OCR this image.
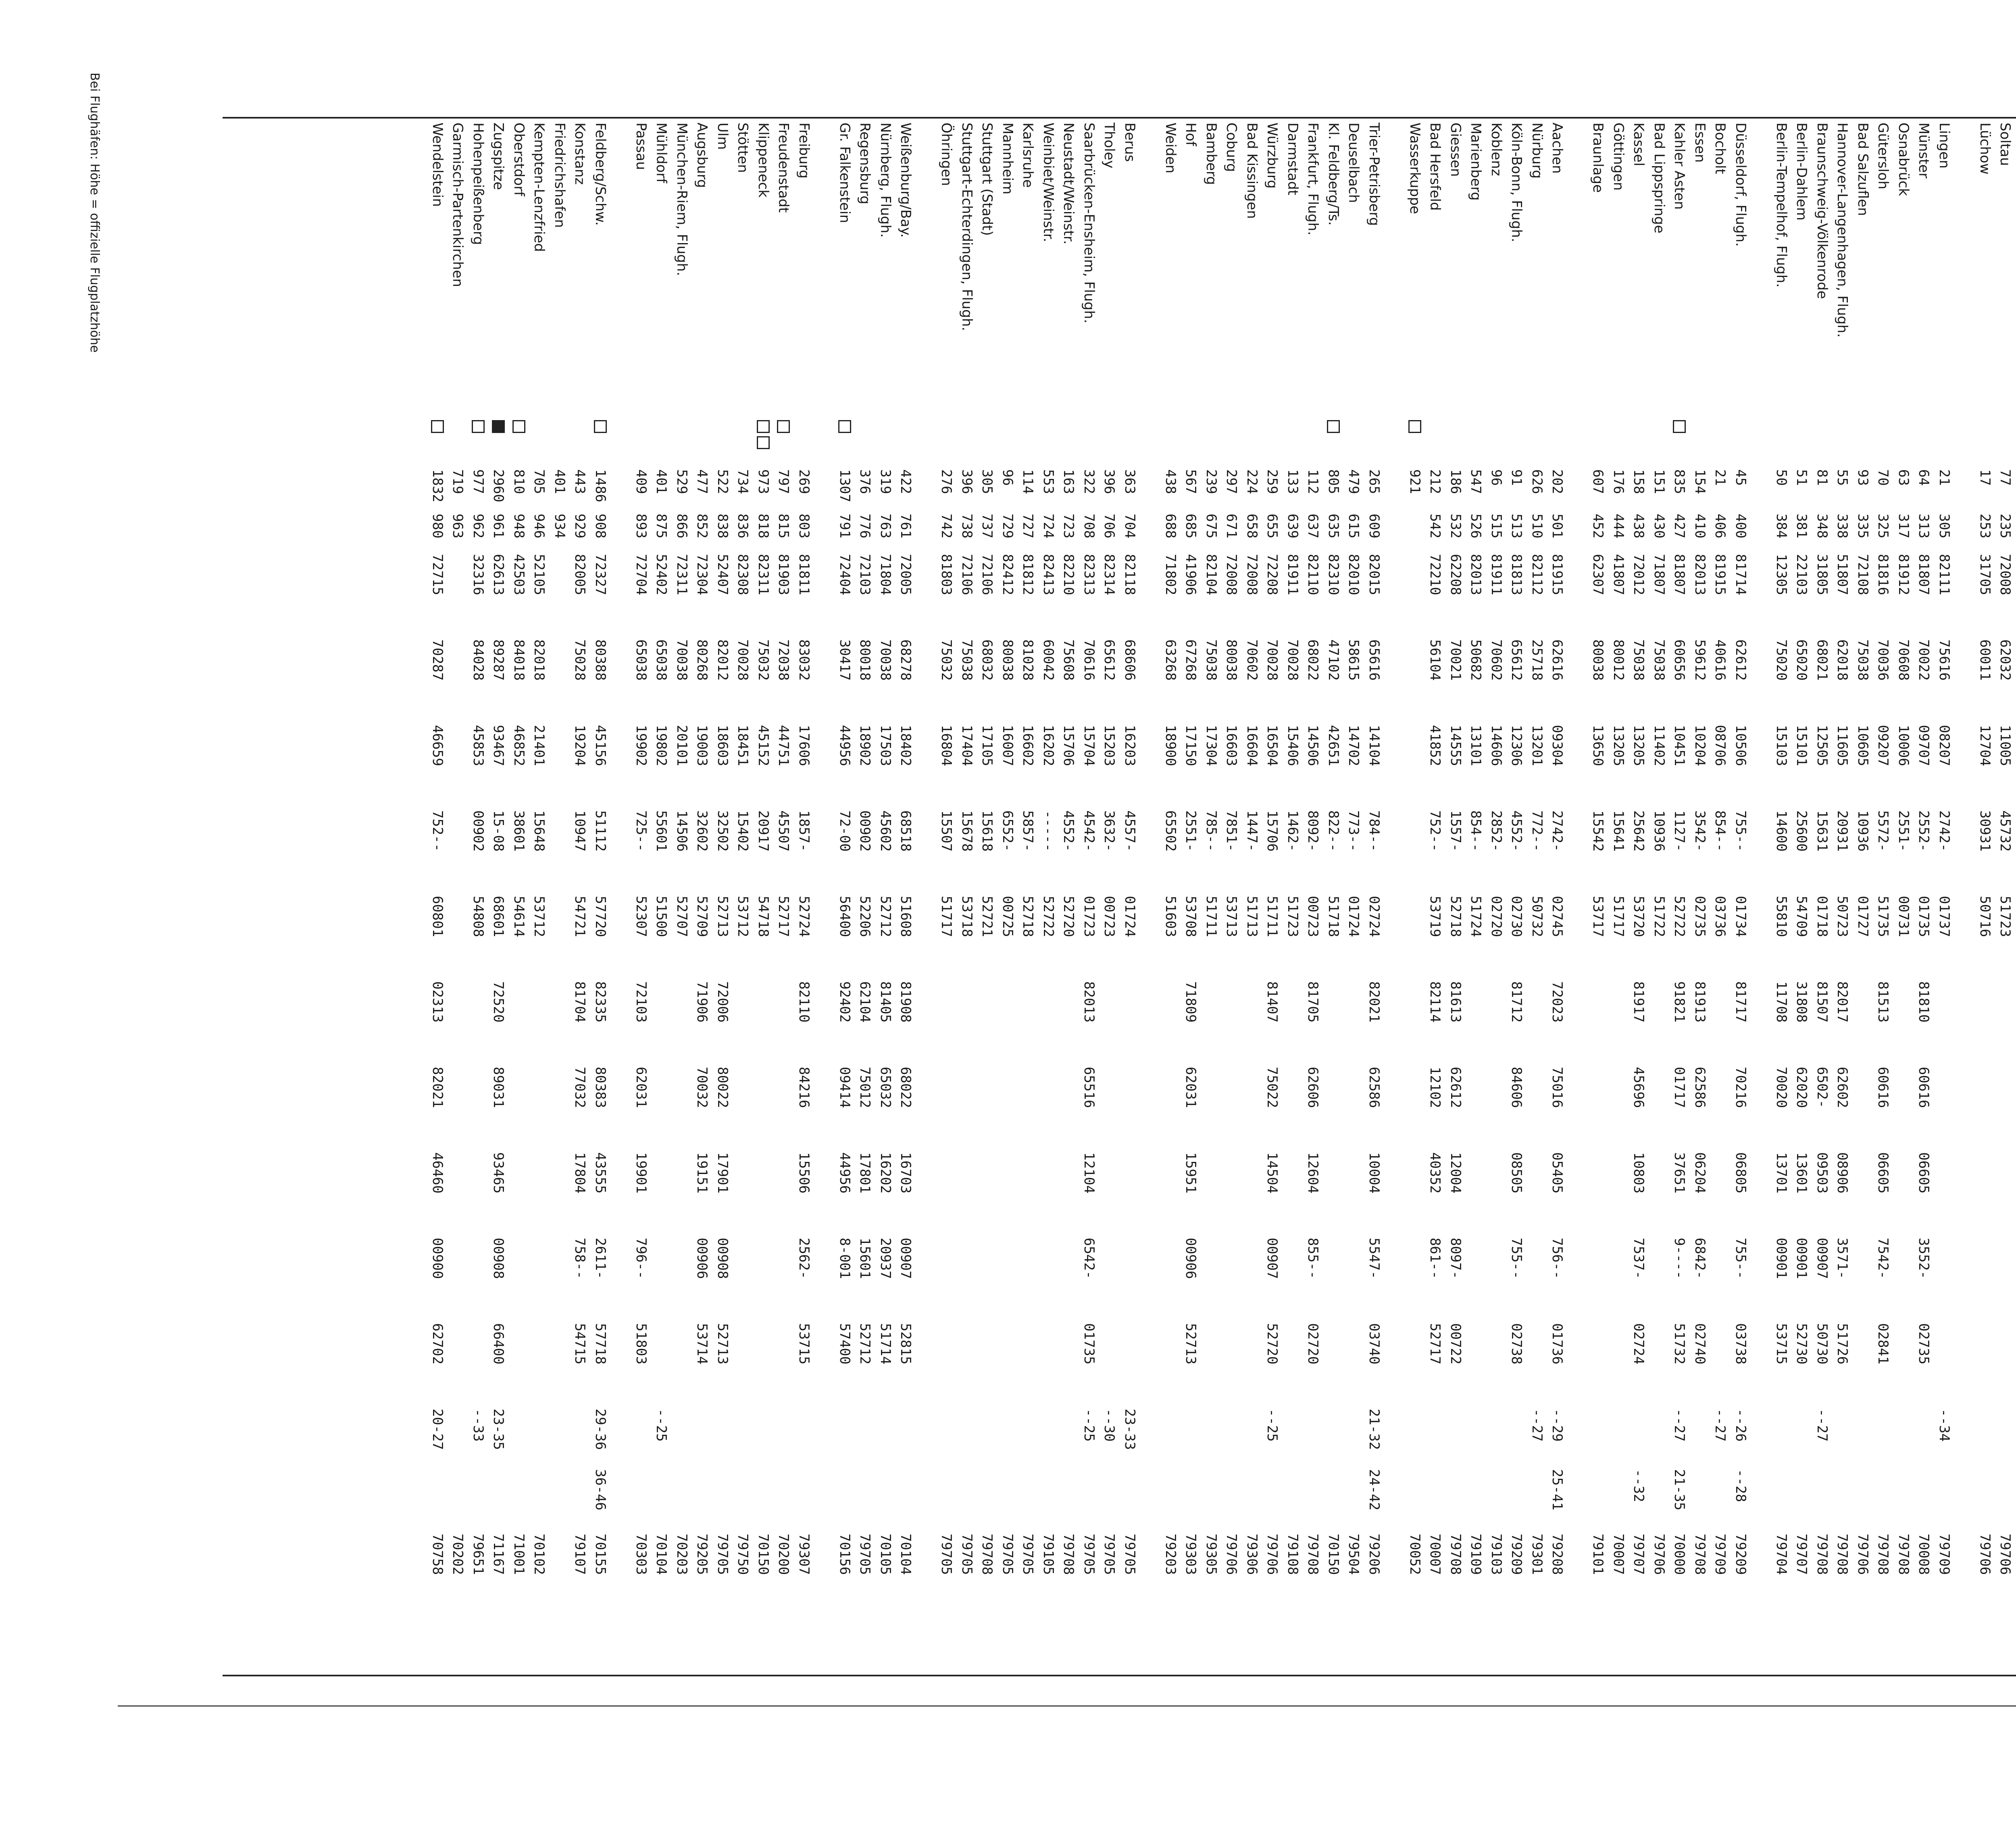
Soltau
77
235
72008
62032
11005
45732
51723
79706
Lüchow
17
253
31705
60011
12704
30931
50716
79706
Lingen
21
305
82111
75616
08207
2742-
01737
--34
79709
Münster
64
313
81807
70022
09707
2552-
01735
81810
60616
06605
3552-
02735
70008
Osnabrück
63
317
81912
70608
10006
2551-
00731
79708
Gütersloh
70
325
81816
70036
09207
5572-
51735
81513
60616
06605
7542-
02841
79708
Bad Salzuflen
93
335
72108
75038
10605
10936
01727
79706
Hannover-Langenhagen, Flugh.
55
338
51807
62018
11605
20931
50723
82017
62602
08906
3571-
51726
79708
Braunschweig-Völkenrode
81
348
31805
68021
12505
15631
01718
81507
6502-
09503
00907
50730
--27
79708
Berlin-Dahlem
51
381
22103
65020
15101
25600
54709
31808
62020
13601
00901
52730
79707
Berlin-Tempelhof, Flugh.
50
384
12305
75020
15103
14600
55810
11708
70020
13701
00901
53715
79704
Düsseldorf, Flugh.
45
400
81714
62612
10506
755--
01734
81717
70216
06805
755--
03738
--26
--28
79209
Bocholt
21
406
81915
40616
08706
854--
03736
--27
79709
Essen
154
410
82013
59612
10204
3542-
02735
81913
62586
06204
6842-
02740
79708
Kahler Asten
835
427
81807
60656
10451
1127-
52722
91821
01717
37651
9----
51732
--27
21-35
70000
Bad Lippspringe
151
430
71807
75038
11402
10936
51722
79706
Kassel
158
438
72012
75038
13205
25642
53720
81917
45696
10803
7537-
02724
--32
79707
Göttingen
176
444
41807
80012
13205
15641
51717
70007
Braunlage
607
452
62307
80038
13650
15542
53717
79101
Aachen
202
501
81915
62616
09304
2742-
02745
72023
75016
05405
756--
01736
--29
25-41
79208
Nürburg
626
510
82112
25718
13201
772--
50732
--27
79301
Köln-Bonn, Flugh.
91
513
81813
65612
12306
4552-
02730
81712
84606
08505
755--
02738
79209
Koblenz
96
515
81911
70602
14606
2852-
02720
79103
Marienberg
547
526
82013
50682
13101
854--
51724
79109
Giessen
186
532
62208
70021
14555
1557-
52718
81613
62612
12004
8097-
00722
79708
Bad Hersfeld
212
542
72210
56104
41852
752--
53719
82114
12102
40352
861--
52717
70007
Wasserkuppe
921
70052
Trier-Petrisberg
265
609
82015
65616
14104
784--
02724
82021
62586
10004
5547-
03740
21-32
24-42
79206
Deuselbach
479
615
82010
58615
14702
773--
01724
79504
Kl. Feldberg/Ts.
805
635
82310
47102
42651
822--
51718
70150
Frankfurt, Flugh.
112
637
82110
68022
14506
8092-
00723
81705
62606
12604
855--
02720
79708
Darmstadt
133
639
81911
70028
15406
1462-
51723
79108
Würzburg
259
655
72208
70028
16504
15706
51711
81407
75022
14504
00907
52720
--25
79706
Bad Kissingen
224
658
72008
70602
16604
1447-
51713
79306
Coburg
297
671
72008
80038
16603
7851-
53713
79706
Bamberg
239
675
82104
75038
17304
785--
51711
79305
Hof
567
685
41906
67268
17150
2551-
53708
71809
62031
15951
00906
52713
79303
Weiden
438
688
71802
63268
18900
65502
51603
79203
Berus
363
704
82118
68606
16203
4557-
01724
23-33
79705
Tholey
396
706
82314
65612
15203
3632-
00723
--30
79705
Saarbrücken-Ensheim, Flugh.
322
708
82313
70616
15704
4542-
01723
82013
65516
12104
6542-
01735
--25
79705
Neustadt/Weinstr.
163
723
82210
75608
15706
4552-
52720
79708
Weinbiet/Weinstr.
553
724
82413
60042
16202
-----
52722
79105
Karlsruhe
114
727
81812
81028
16602
5857-
52718
79705
Mannheim
96
729
82412
80038
16007
6552-
00725
79705
Stuttgart (Stadt)
305
737
72106
68032
17105
15618
52721
79708
Stuttgart-Echterdingen, Flugh.
396
738
72106
75038
17404
15678
53718
79705
Öhringen
276
742
81803
75032
16804
15507
51717
79705
Weißenburg/Bay.
422
761
72005
68278
18402
68518
51608
81908
68022
16703
00907
52815
70104
Nürnberg, Flugh.
319
763
71804
70038
17503
45602
52712
81405
65032
16202
20937
51714
70105
Regensburg
376
776
72103
80018
18902
00902
52206
62104
75012
17801
15601
52712
79705
Gr. Falkenstein
1307
791
72404
30417
44956
72-00
56400
92402
09414
44956
8-001
57400
70156
Freiburg
269
803
81811
83032
17606
1857-
52724
82110
84216
15506
2562-
53715
79307
Freudenstadt
797
815
81903
72038
44751
45507
52717
70200
Klippeneck
973
818
82311
75032
45152
20917
54718
70150
Stötten
734
836
82308
70028
18451
15402
53712
79750
Ulm
522
838
52407
82012
18603
32502
52713
72006
80022
17901
00908
52713
79705
Augsburg
477
852
72304
80268
19003
32602
52709
71906
70032
19151
00906
53714
79205
München-Riem, Flugh.
529
866
72311
70038
20101
14506
52707
70203
Mühldorf
401
875
52402
65038
19802
55601
51500
--25
70104
Passau
409
893
72704
65038
19902
725--
52307
72103
62031
19901
796--
51803
70303
Feldberg/Schw.
1486
908
72327
80388
45156
51112
57720
82335
80383
43555
2611-
57718
29-36
36-46
70155
Konstanz
443
929
82005
75028
19204
10947
54721
81704
77032
17804
758--
54715
79107
Friedrichshafen
401
934
Kempten-Lenzfried
705
946
52105
82018
21401
15648
53712
70102
Oberstdorf
810
948
42503
84018
46852
38601
54614
71001
Zugspitze
2960
961
62613
89287
93467
15-08
68601
72520
89031
93465
00908
66400
23-35
71167
Hohenpeißenberg
977
962
32316
84028
45853
00902
54808
--33
79651
Garmisch-Partenkirchen
719
963
70202
Wendelstein
1832
980
72715
70287
46659
752--
60801
02313
82021
46460
00900
62702
20-27
70758
Bei Flughäfen: Höhe = offizielle Flugplatzhöhe
